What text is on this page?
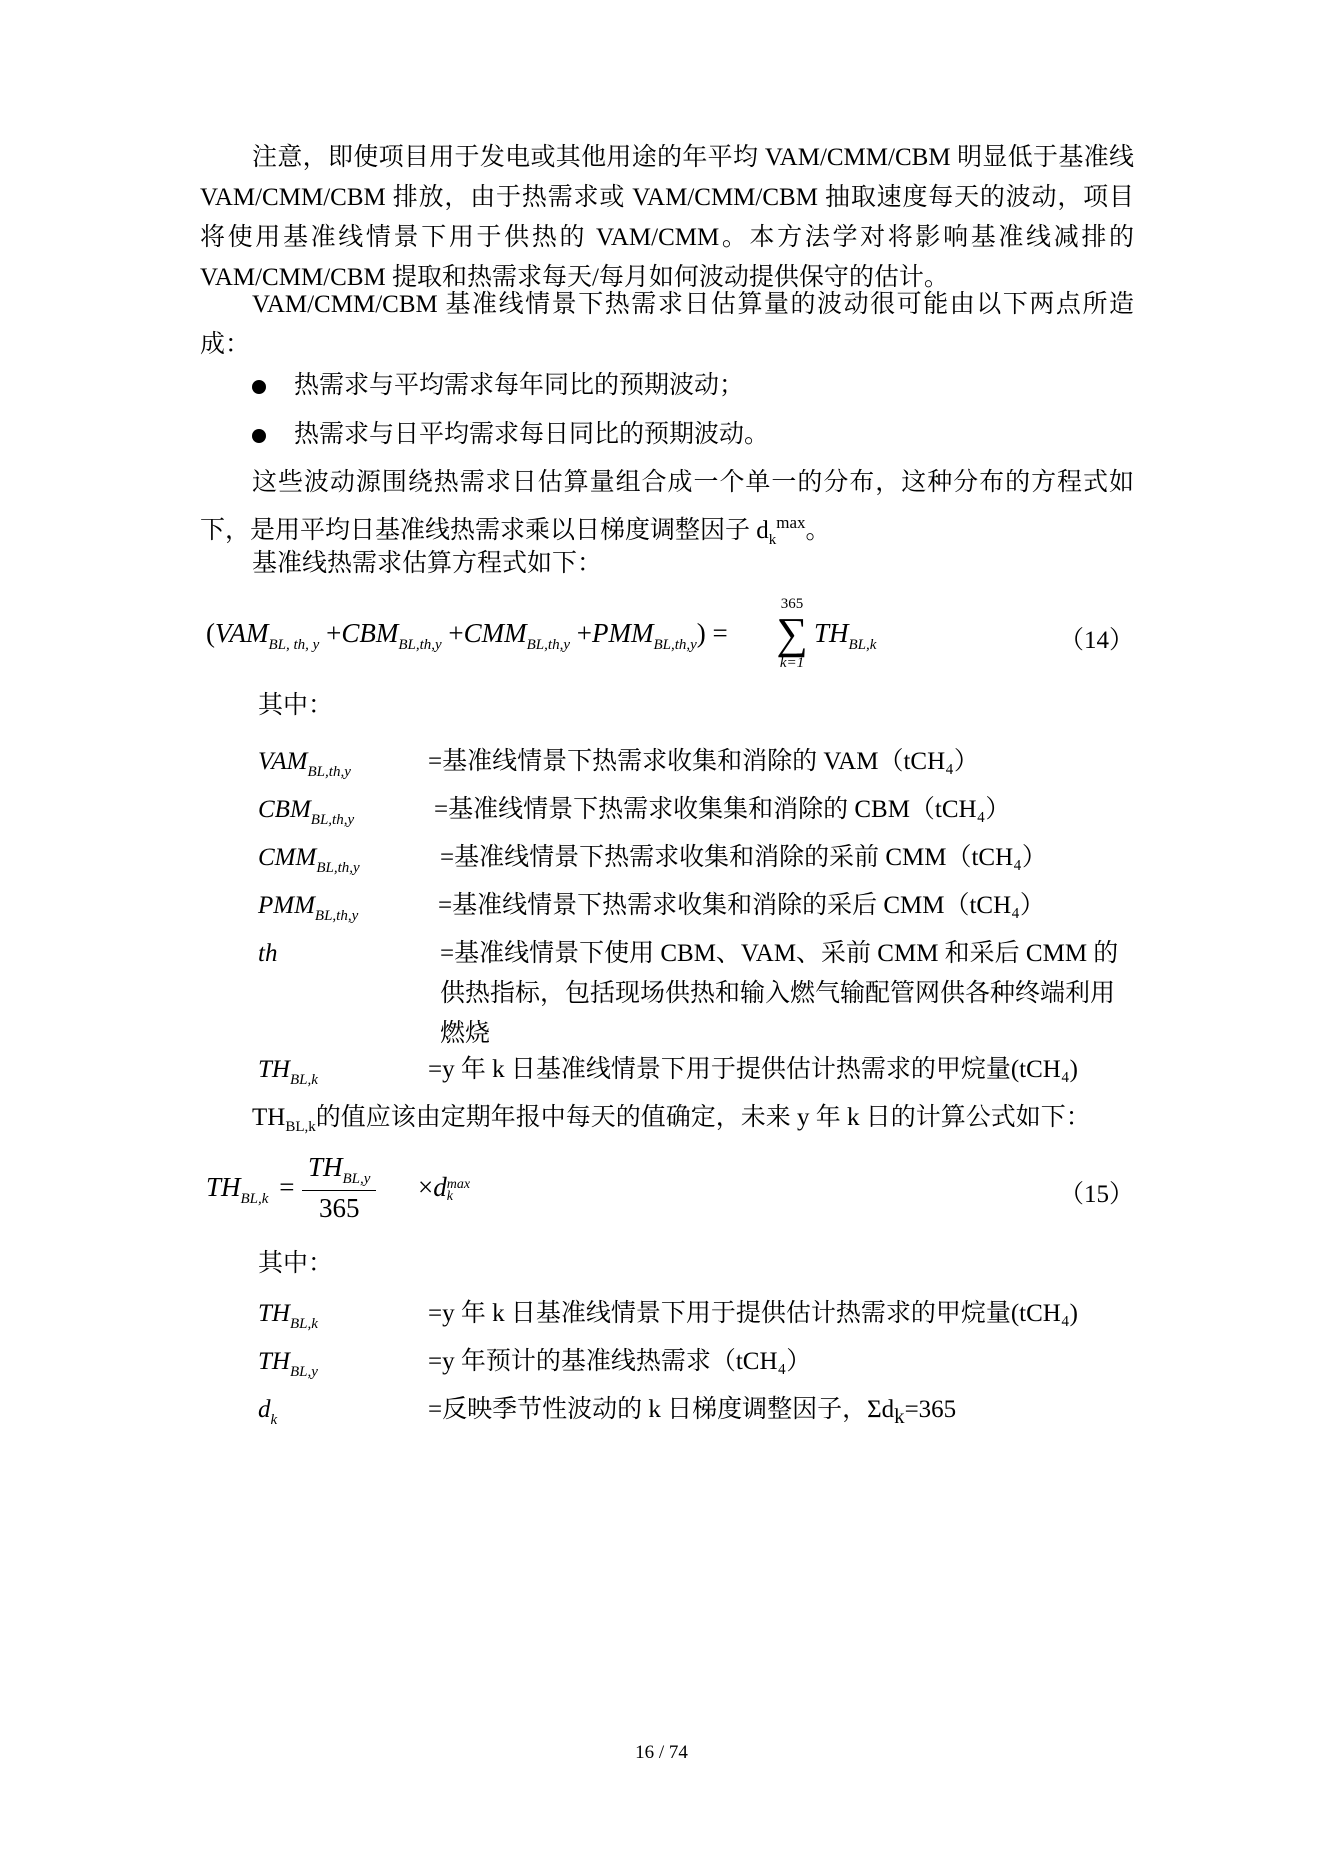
注意，即使项目用于发电或其他用途的年平均 VAM/CMM/CBM 明显低于基准线 VAM/CMM/CBM 排放，由于热需求或 VAM/CMM/CBM 抽取速度每天的波动，项目将使用基准线情景下用于供热的 VAM/CMM。本方法学对将影响基准线减排的 VAM/CMM/CBM 提取和热需求每天/每月如何波动提供保守的估计。
VAM/CMM/CBM 基准线情景下热需求日估算量的波动很可能由以下两点所造成：
热需求与平均需求每年同比的预期波动；
热需求与日平均需求每日同比的预期波动。
这些波动源围绕热需求日估算量组合成一个单一的分布，这种分布的方程式如下，是用平均日基准线热需求乘以日梯度调整因子 $d_k^{max}$。
基准线热需求估算方程式如下：
$(VAM_{BL, th, y} +CBM_{BL,th,y} +CMM_{BL,th,y} +PMM_{BL,th,y})$ =
365
∑
k=1
$TH_{BL,k}$	（14）
其中：
$VAM_{BL,th,y}$	=基准线情景下热需求收集和消除的 VAM（tCH₄）
$CBM_{BL,th,y}$	=基准线情景下热需求收集集和消除的 CBM（tCH₄）
$CMM_{BL,th,y}$	=基准线情景下热需求收集和消除的采前 CMM（tCH₄）
$PMM_{BL,th,y}$	=基准线情景下热需求收集和消除的采后 CMM（tCH₄）
th	=基准线情景下使用 CBM、VAM、采前 CMM 和采后 CMM 的供热指标，包括现场供热和输入燃气输配管网供各种终端利用燃烧
$TH_{BL,k}$	=y 年 k 日基准线情景下用于提供估计热需求的甲烷量(tCH₄)
$TH_{BL,k}$的值应该由定期年报中每天的值确定，未来 y 年 k 日的计算公式如下：
$TH_{BL,k}$ =
$TH_{BL,y}$
365
×d max
k	（15）
其中：
$TH_{BL,k}$	=y 年 k 日基准线情景下用于提供估计热需求的甲烷量(tCH₄)
$TH_{BL,y}$	=y 年预计的基准线热需求（tCH₄）
$d_k$	=反映季节性波动的 k 日梯度调整因子，$\Sigma d_k=365$
16 / 74
